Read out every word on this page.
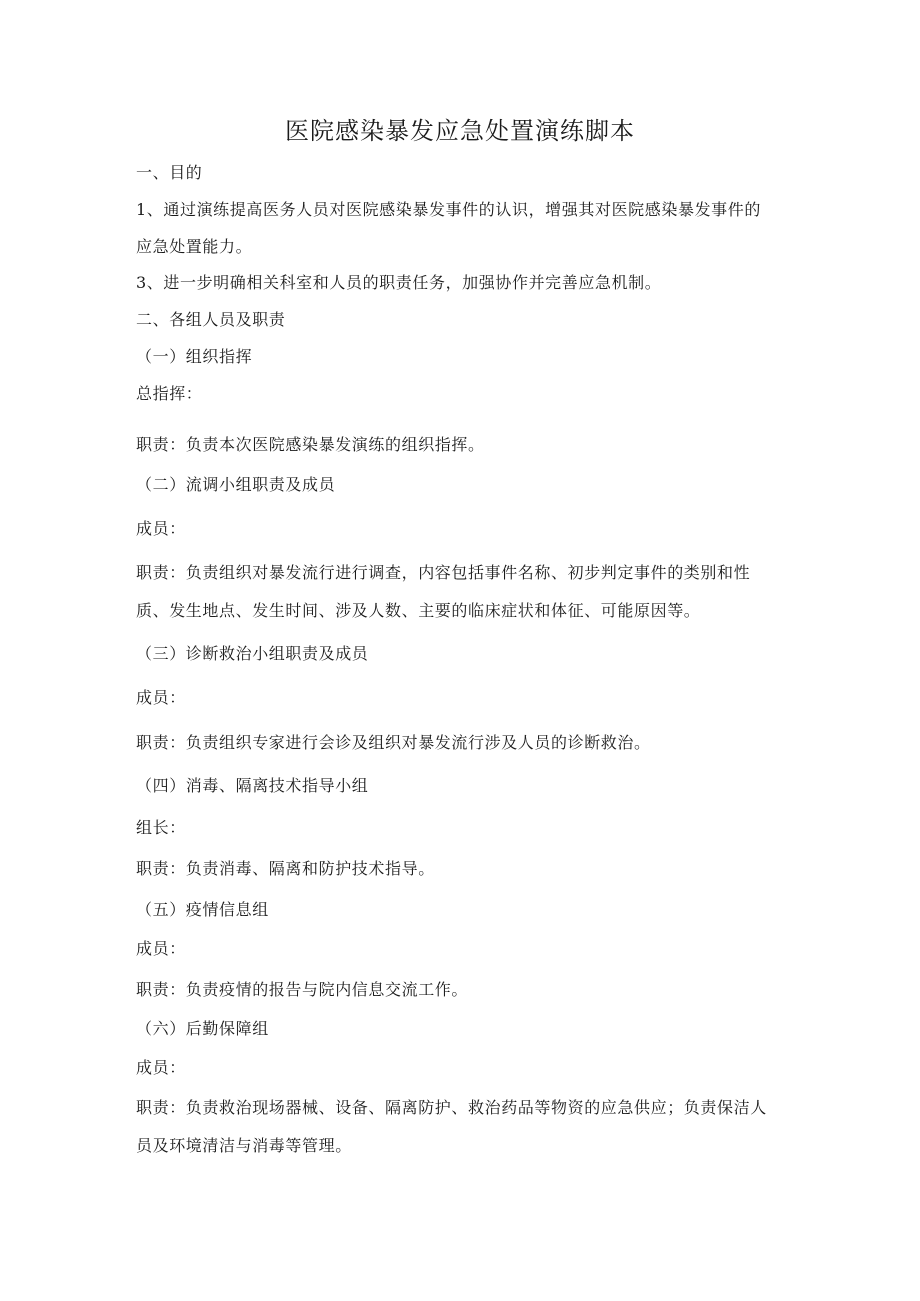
医院感染暴发应急处置演练脚本
一、目的
1、通过演练提高医务人员对医院感染暴发事件的认识，增强其对医院感染暴发事件的
应急处置能力。
3、进一步明确相关科室和人员的职责任务，加强协作并完善应急机制。
二、各组人员及职责
（一）组织指挥
总指挥：
职责：负责本次医院感染暴发演练的组织指挥。
（二）流调小组职责及成员
成员：
职责：负责组织对暴发流行进行调查，内容包括事件名称、初步判定事件的类别和性
质、发生地点、发生时间、涉及人数、主要的临床症状和体征、可能原因等。
（三）诊断救治小组职责及成员
成员：
职责：负责组织专家进行会诊及组织对暴发流行涉及人员的诊断救治。
（四）消毒、隔离技术指导小组
组长：
职责：负责消毒、隔离和防护技术指导。
（五）疫情信息组
成员：
职责：负责疫情的报告与院内信息交流工作。
（六）后勤保障组
成员：
职责：负责救治现场器械、设备、隔离防护、救治药品等物资的应急供应；负责保洁人
员及环境清洁与消毒等管理。
